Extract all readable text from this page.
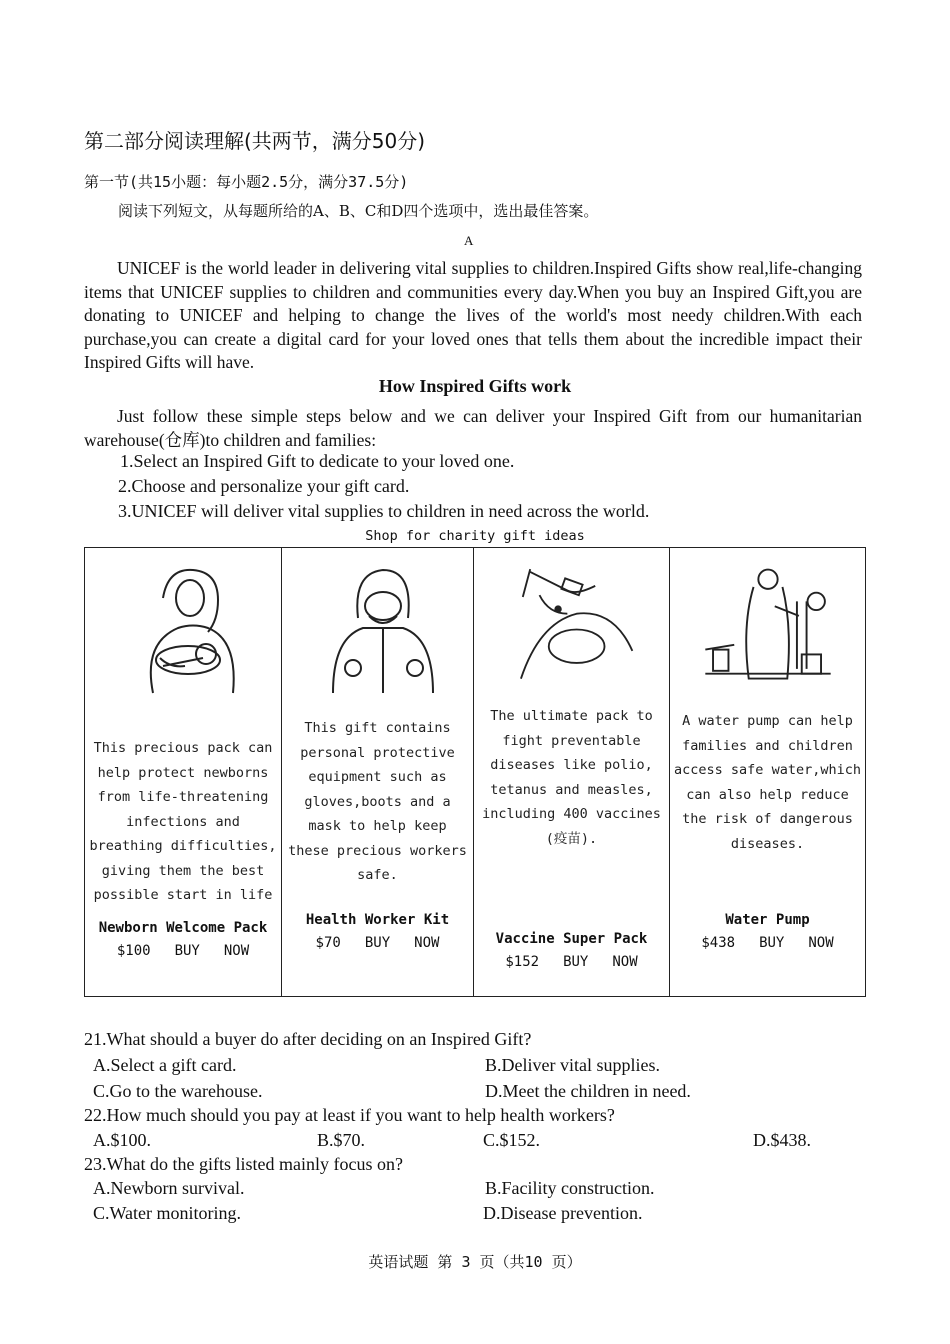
第二部分阅读理解(共两节，满分50分)
第一节(共15小题：每小题2.5分，满分37.5分)
阅读下列短文，从每题所给的A、B、C和D四个选项中，选出最佳答案。
A
UNICEF is the world leader in delivering vital supplies to children.Inspired Gifts show real,life-changing items that UNICEF supplies to children and communities every day.When you buy an Inspired Gift,you are donating to UNICEF and helping to change the lives of the world's most needy children.With each purchase,you can create a digital card for your loved ones that tells them about the incredible impact their Inspired Gifts will have.
How Inspired Gifts work
Just follow these simple steps below and we can deliver your Inspired Gift from our humanitarian warehouse(仓库)to children and families:
1.Select an Inspired Gift to dedicate to your loved one.
2.Choose and personalize your gift card.
3.UNICEF will deliver vital supplies to children in need across the world.
Shop for charity gift ideas
This precious pack can help protect newborns from life-threatening infections and breathing difficulties, giving them the best possible start in life
Newborn Welcome Pack
$100 BUY NOW

This gift contains personal protective equipment such as gloves,boots and a mask to help keep these precious workers safe.
Health Worker Kit
$70 BUY NOW

The ultimate pack to fight preventable diseases like polio, tetanus and measles, including 400 vaccines (疫苗).
Vaccine Super Pack
$152 BUY NOW

A water pump can help families and children access safe water,which can also help reduce the risk of dangerous diseases.
Water Pump
$438 BUY NOW
21.What should a buyer do after deciding on an Inspired Gift?
A.Select a gift card.	B.Deliver vital supplies.
C.Go to the warehouse.	D.Meet the children in need.
22.How much should you pay at least if you want to help health workers?
A.$100.	B.$70.	C.$152.	D.$438.
23.What do the gifts listed mainly focus on?
A.Newborn survival.	B.Facility construction.
C.Water monitoring.	D.Disease prevention.
英语试题 第 3 页（共10 页）
